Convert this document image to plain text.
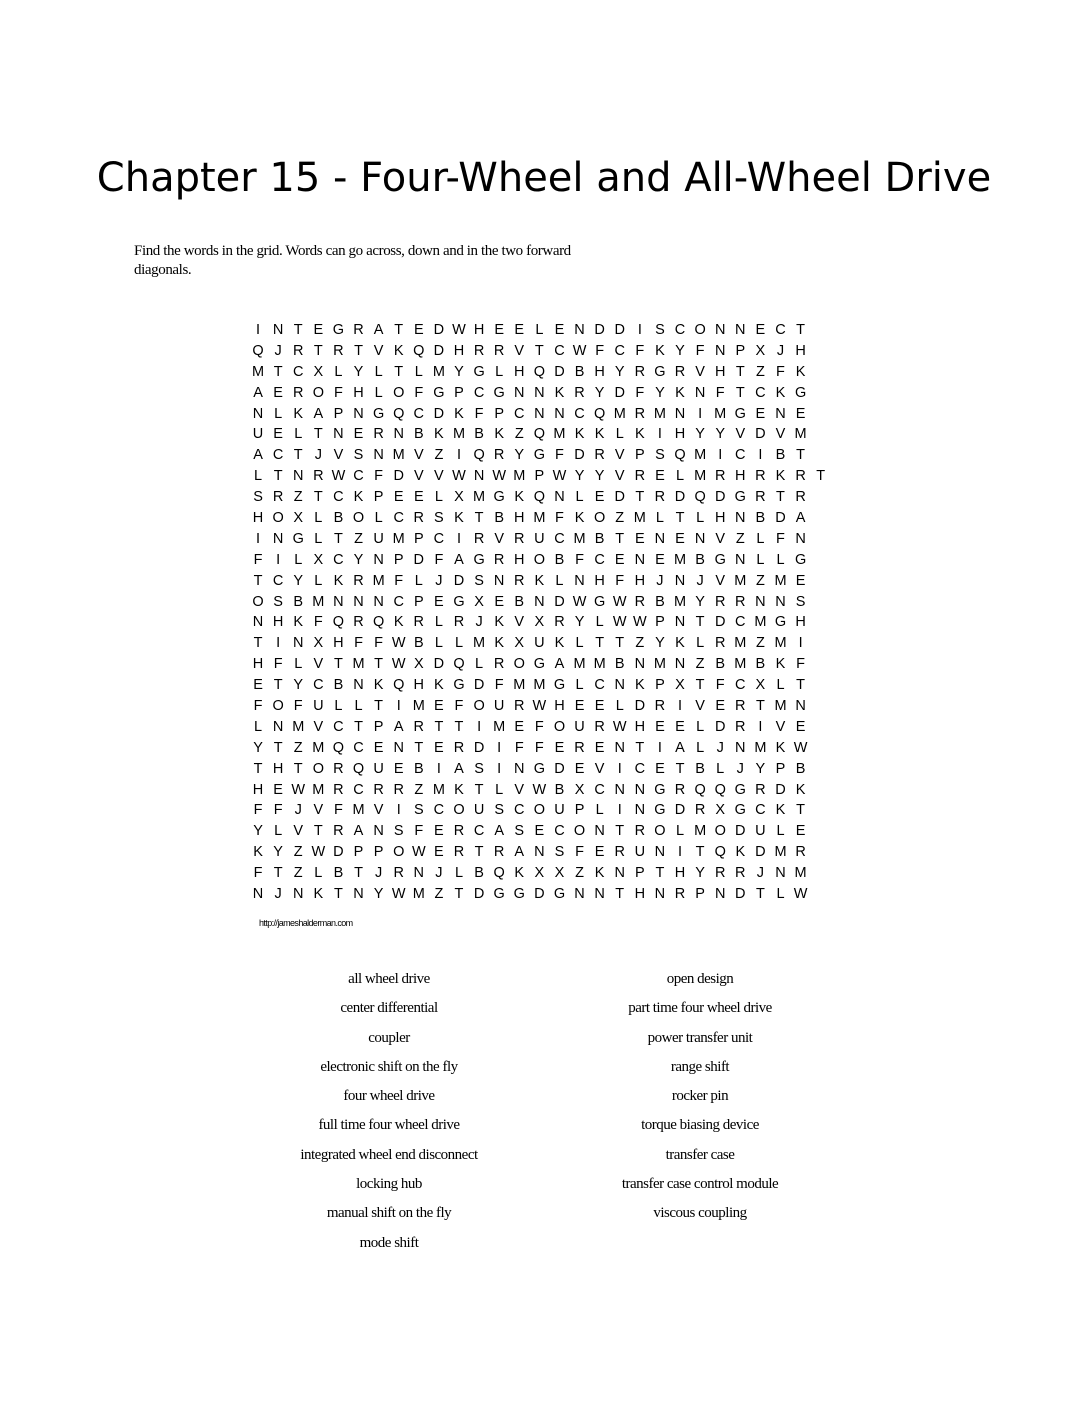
Chapter 15 - Four-Wheel and All-Wheel Drive
Find the words in the grid. Words can go across, down and in the two forward diagonals.
I N T E G R A T E D W H E E L E N D D I S C O N N E C T
Q J R T R T V K Q D H R R V T C W F C F K Y F N P X J H
M T C X L Y L T L M Y G L H Q D B H Y R G R V H T Z F K
A E R O F H L O F G P C G N N K R Y D F Y K N F T C K G
N L K A P N G Q C D K F P C N N C Q M R M N I M G E N E
U E L T N E R N B K M B K Z Q M K K L K I H Y Y V D V M
A C T J V S N M V Z I Q R Y G F D R V P S Q M I C I B T
L T N R W C F D V V W N W M P W Y Y V R E L M R H R K R T
S R Z T C K P E E L X M G K Q N L E D T R D Q D G R T R
H O X L B O L C R S K T B H M F K O Z M L T L H N B D A
I N G L T Z U M P C I R V R U C M B T E N E N V Z L F N
F I L X C Y N P D F A G R H O B F C E N E M B G N L L G
T C Y L K R M F L J D S N R K L N H F H J N J V M Z M E
O S B M N N N C P E G X E B N D W G W R B M Y R R N N S
N H K F Q R Q K R L R J K V X R Y L W W P N T D C M G H
T I N X H F F W B L L M K X U K L T T Z Y K L R M Z M I
H F L V T M T W X D Q L R O G A M M B N M N Z B M B K F
E T Y C B N K Q H K G D F M M G L C N K P X T F C X L T
F O F U L L T I M E F O U R W H E E L D R I V E R T M N
L N M V C T P A R T T I M E F O U R W H E E L D R I V E
Y T Z M Q C E N T E R D I F F E R E N T I A L J N M K W
T H T O R Q U E B I A S I N G D E V I C E T B L J Y P B
H E W M R C R R Z M K T L V W B X C N N G R Q Q G R D K
F F J V F M V I S C O U S C O U P L I N G D R X G C K T
Y L V T R A N S F E R C A S E C O N T R O L M O D U L E
K Y Z W D P P O W E R T R A N S F E R U N I T Q K D M R
F T Z L B T J R N J L B Q K X X Z K N P T H Y R R J N M
N J N K T N Y W M Z T D G G D G N N T H N R P N D T L W
http://jameshalderman.com
all wheel drive
center differential
coupler
electronic shift on the fly
four wheel drive
full time four wheel drive
integrated wheel end disconnect
locking hub
manual shift on the fly
mode shift
open design
part time four wheel drive
power transfer unit
range shift
rocker pin
torque biasing device
transfer case
transfer case control module
viscous coupling
